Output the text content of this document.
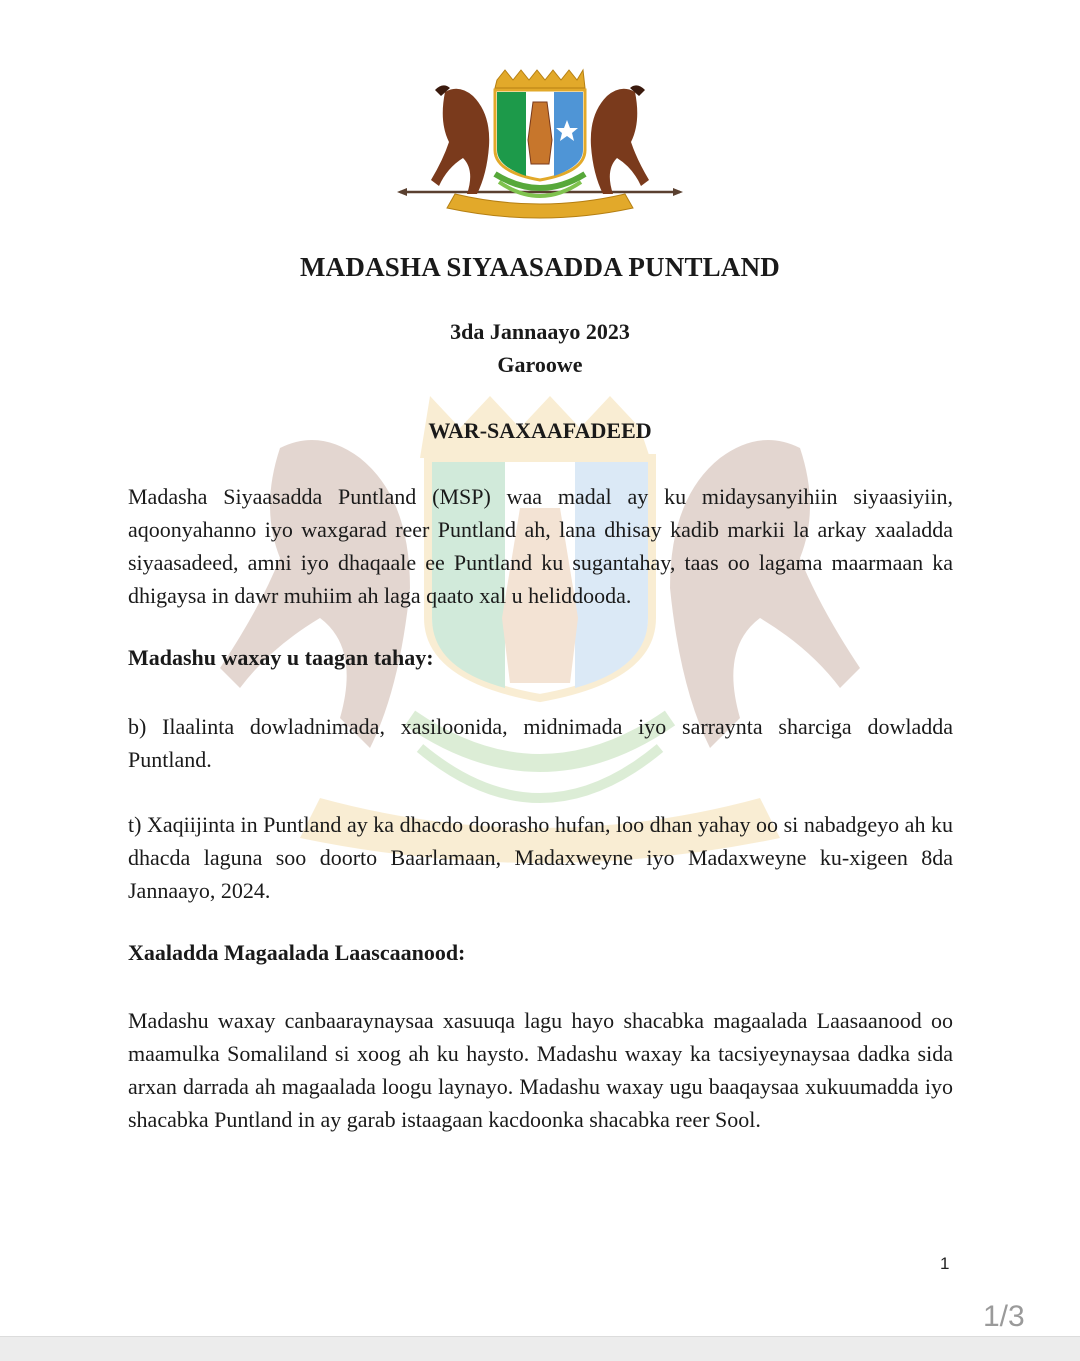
MADASHA SIYAASADDA PUNTLAND
3da Jannaayo 2023
Garoowe
WAR-SAXAAFADEED

Madasha Siyaasadda Puntland (MSP) waa madal ay ku midaysanyihiin siyaasiyiin, aqoonyahanno iyo waxgarad reer Puntland ah, lana dhisay kadib markii la arkay xaaladda siyaasadeed, amni iyo dhaqaale ee Puntland ku sugantahay, taas oo lagama maarmaan ka dhigaysa in dawr muhiim ah laga qaato xal u heliddooda.

Madashu waxay u taagan tahay:

b) Ilaalinta dowladnimada, xasiloonida, midnimada iyo sarraynta sharciga dowladda Puntland.

t) Xaqiijinta in Puntland ay ka dhacdo doorasho hufan, loo dhan yahay oo si nabadgeyo ah ku dhacda laguna soo doorto Baarlamaan, Madaxweyne iyo Madaxweyne ku-xigeen 8da Jannaayo, 2024.

Xaaladda Magaalada Laascaanood:

Madashu waxay canbaaraynaysaa xasuuqa lagu hayo shacabka magaalada Laasaanood oo maamulka Somaliland si xoog ah ku haysto. Madashu waxay ka tacsiyeynaysaa dadka sida arxan darrada ah magaalada loogu laynayo. Madashu waxay ugu baaqaysaa xukuumadda iyo shacabka Puntland in ay garab istaagaan kacdoonka shacabka reer Sool.

1
1/3
